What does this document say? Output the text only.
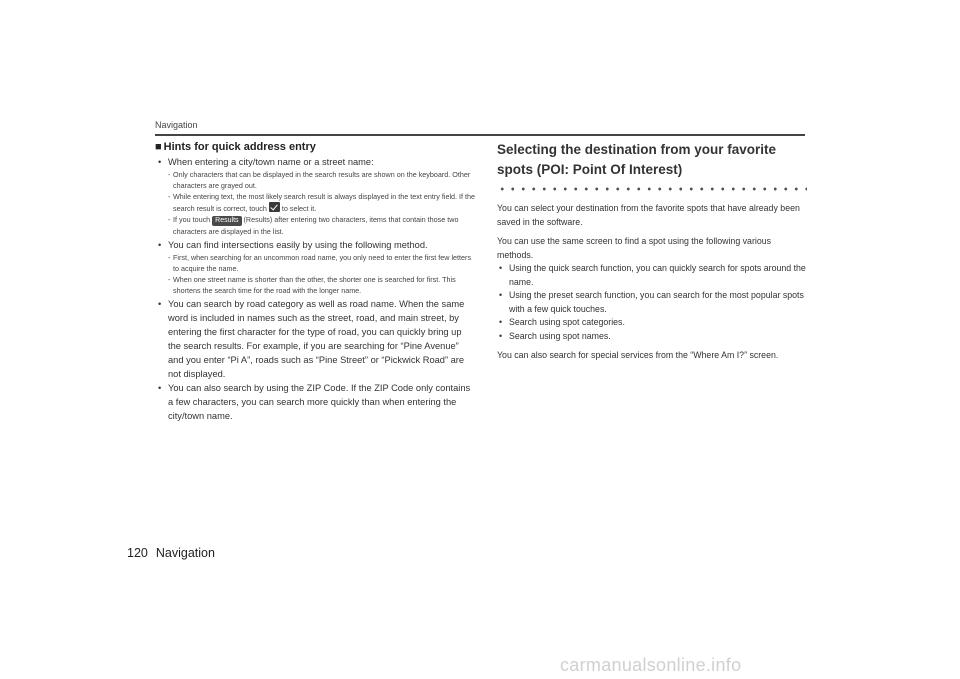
Navigation
■ Hints for quick address entry
• When entering a city/town name or a street name:
- Only characters that can be displayed in the search results are shown on the keyboard. Other characters are grayed out.
- While entering text, the most likely search result is always displayed in the text entry field. If the search result is correct, touch to select it.
- If you touch Results (Results) after entering two characters, items that contain those two characters are displayed in the list.
• You can find intersections easily by using the following method.
- First, when searching for an uncommon road name, you only need to enter the first few letters to acquire the name.
- When one street name is shorter than the other, the shorter one is searched for first. This shortens the search time for the road with the longer name.
• You can search by road category as well as road name. When the same word is included in names such as the street, road, and main street, by entering the first character for the type of road, you can quickly bring up the search results. For example, if you are searching for “Pine Avenue” and you enter “Pi A”, roads such as “Pine Street” or “Pickwick Road” are not displayed.
• You can also search by using the ZIP Code. If the ZIP Code only contains a few characters, you can search more quickly than when entering the city/town name.
Selecting the destination from your favorite spots (POI: Point Of Interest)

You can select your destination from the favorite spots that have already been saved in the software.

You can use the same screen to find a spot using the following various methods.

• Using the quick search function, you can quickly search for spots around the name.
• Using the preset search function, you can search for the most popular spots with a few quick touches.
• Search using spot categories.
• Search using spot names.

You can also search for special services from the “Where Am I?” screen.

120 Navigation
carmanualsonline.info
